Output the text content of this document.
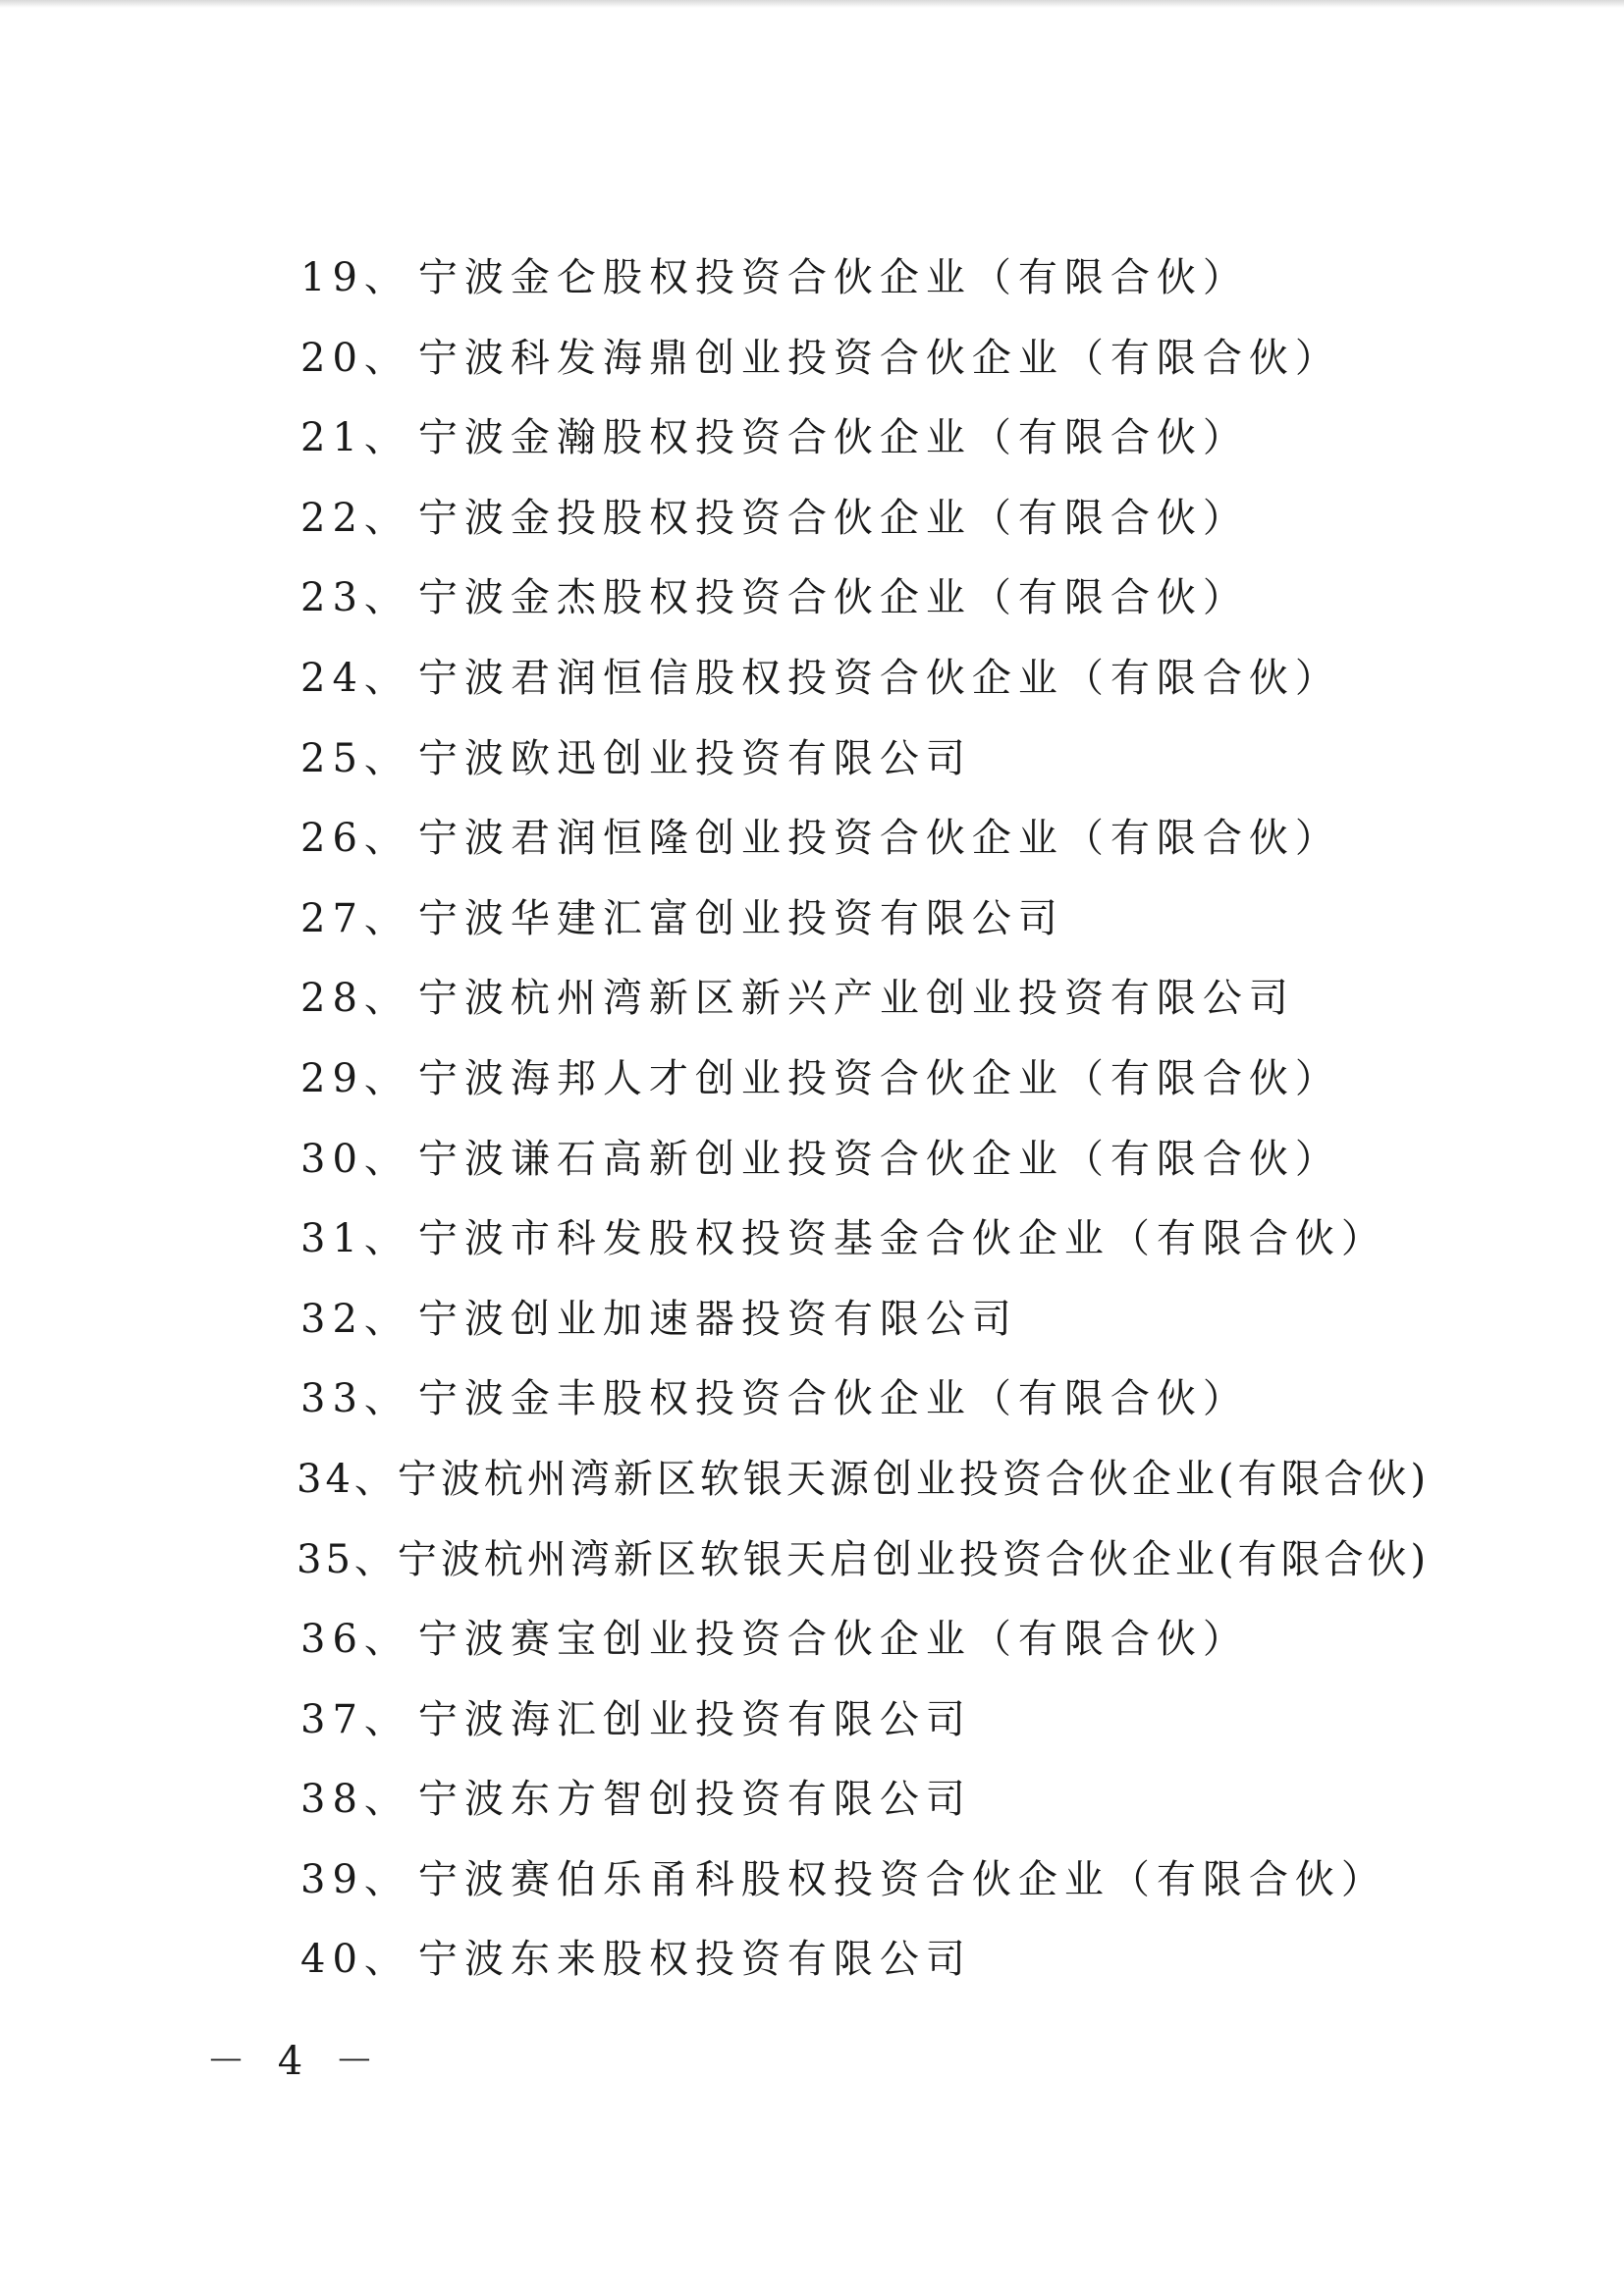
19 、 宁波金仑股权投资合伙企业（有限合伙）
20 、 宁波科发海鼎创业投资合伙企业（有限合伙）
21 、 宁波金瀚股权投资合伙企业（有限合伙）
22 、 宁波金投股权投资合伙企业（有限合伙）
23 、 宁波金杰股权投资合伙企业（有限合伙）
24 、 宁波君润恒信股权投资合伙企业（有限合伙）
25 、 宁波欧迅创业投资有限公司
26 、 宁波君润恒隆创业投资合伙企业（有限合伙）
27 、 宁波华建汇富创业投资有限公司
28 、 宁波杭州湾新区新兴产业创业投资有限公司
29 、 宁波海邦人才创业投资合伙企业（有限合伙）
30 、 宁波谦石高新创业投资合伙企业（有限合伙）
31 、 宁波市科发股权投资基金合伙企业（有限合伙）
32 、 宁波创业加速器投资有限公司
33 、 宁波金丰股权投资合伙企业（有限合伙）
34 、 宁波杭州湾新区软银天源创业投资合伙企业(有限合伙)
35 、 宁波杭州湾新区软银天启创业投资合伙企业(有限合伙)
36 、 宁波赛宝创业投资合伙企业（有限合伙）
37 、 宁波海汇创业投资有限公司
38 、 宁波东方智创投资有限公司
39 、 宁波赛伯乐甬科股权投资合伙企业（有限合伙）
40 、 宁波东来股权投资有限公司
－ 4 －
